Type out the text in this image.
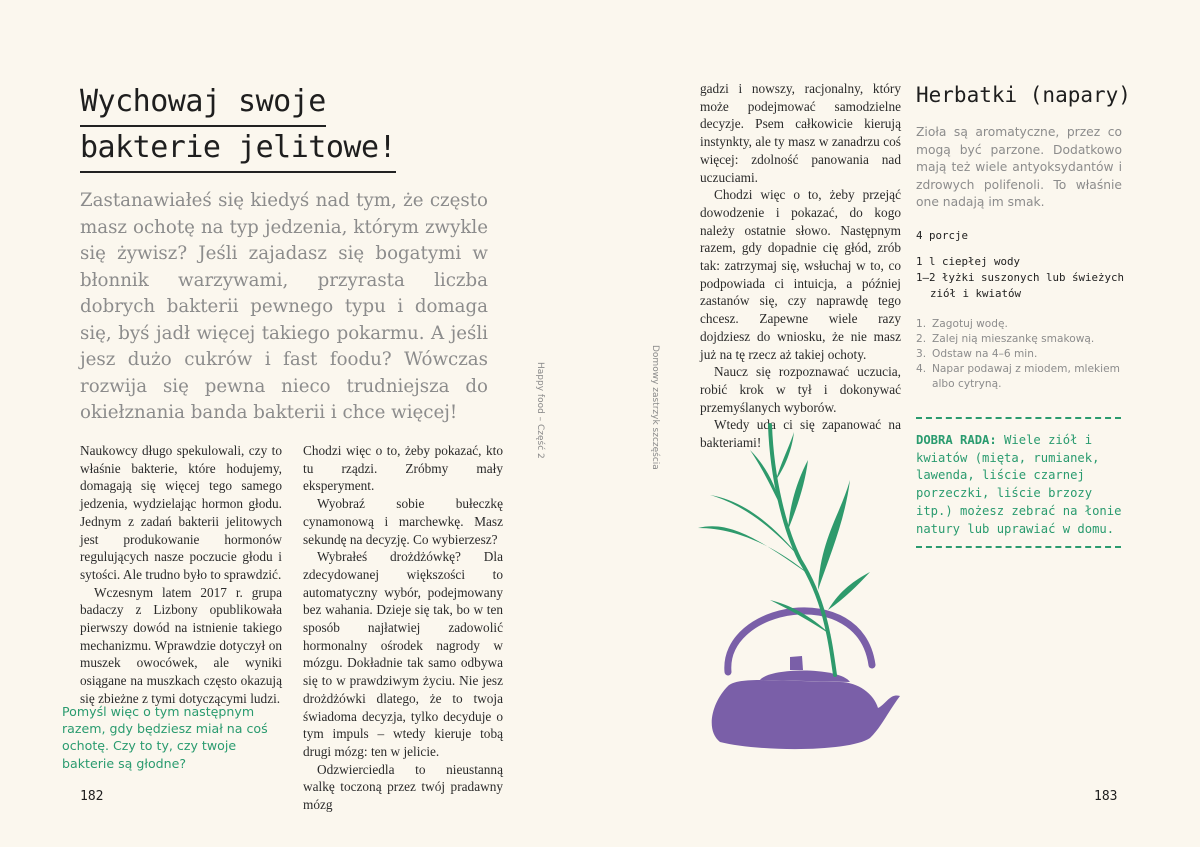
Wychowaj swoje
bakterie jelitowe!
Zastanawiałeś się kiedyś nad tym, że często masz ochotę na typ jedzenia, którym zwykle się żywisz? Jeśli zajadasz się bogatymi w błonnik warzywami, przyrasta liczba dobrych bakterii pewnego typu i domaga się, byś jadł więcej takiego pokarmu. A jeśli jesz dużo cukrów i fast foodu? Wówczas rozwija się pewna nieco trudniejsza do okiełznania banda bakterii i chce więcej!

Naukowcy długo spekulowali, czy to właśnie bakterie, które hodujemy, domagają się więcej tego samego jedzenia, wydzielając hormon głodu. Jednym z zadań bakterii jelitowych jest produkowanie hormonów regulujących nasze poczucie głodu i sytości. Ale trudno było to sprawdzić.

Wczesnym latem 2017 r. grupa badaczy z Lizbony opublikowała pierwszy dowód na istnienie takiego mechanizmu. Wprawdzie dotyczył on muszek owocówek, ale wyniki osiągane na muszkach często okazują się zbieżne z tymi dotyczącymi ludzi.

Pomyśl więc o tym następnym razem, gdy będziesz miał na coś ochotę. Czy to ty, czy twoje bakterie są głodne?

Chodzi więc o to, żeby pokazać, kto tu rządzi. Zróbmy mały eksperyment.

Wyobraź sobie bułeczkę cynamonową i marchewkę. Masz sekundę na decyzję. Co wybierzesz?

Wybrałeś drożdżówkę? Dla zdecydowanej większości to automatyczny wybór, podejmowany bez wahania. Dzieje się tak, bo w ten sposób najłatwiej zadowolić hormonalny ośrodek nagrody w mózgu. Dokładnie tak samo odbywa się to w prawdziwym życiu. Nie jesz drożdżówki dlatego, że to twoja świadoma decyzja, tylko decyduje o tym impuls – wtedy kieruje tobą drugi mózg: ten w jelicie.

Odzwierciedla to nieustanną walkę toczoną przez twój pradawny mózg

182
Happy food – Część 2	Domowy zastrzyk szczęścia

gadzi i nowszy, racjonalny, który może podejmować samodzielne decyzje. Psem całkowicie kierują instynkty, ale ty masz w zanadrzu coś więcej: zdolność panowania nad uczuciami.

Chodzi więc o to, żeby przejąć dowodzenie i pokazać, do kogo należy ostatnie słowo. Następnym razem, gdy dopadnie cię głód, zrób tak: zatrzymaj się, wsłuchaj w to, co podpowiada ci intuicja, a później zastanów się, czy naprawdę tego chcesz. Zapewne wiele razy dojdziesz do wniosku, że nie masz już na tę rzecz aż takiej ochoty.

Naucz się rozpoznawać uczucia, robić krok w tył i dokonywać przemyślanych wyborów.

Wtedy uda ci się zapanować na bakteriami!

Herbatki (napary)
Zioła są aromatyczne, przez co mogą być parzone. Dodatkowo mają też wiele antyoksydantów i zdrowych polifenoli. To właśnie one nadają im smak.
4 porcje
1 l ciepłej wody
1–2 łyżki suszonych lub świeżych ziół i kwiatów
1. Zagotuj wodę.
2. Zalej nią mieszankę smakową.
3. Odstaw na 4–6 min.
4. Napar podawaj z miodem, mlekiem albo cytryną.
DOBRA RADA: Wiele ziół i kwiatów (mięta, rumianek, lawenda, liście czarnej porzeczki, liście brzozy itp.) możesz zebrać na łonie natury lub uprawiać w domu.
183
